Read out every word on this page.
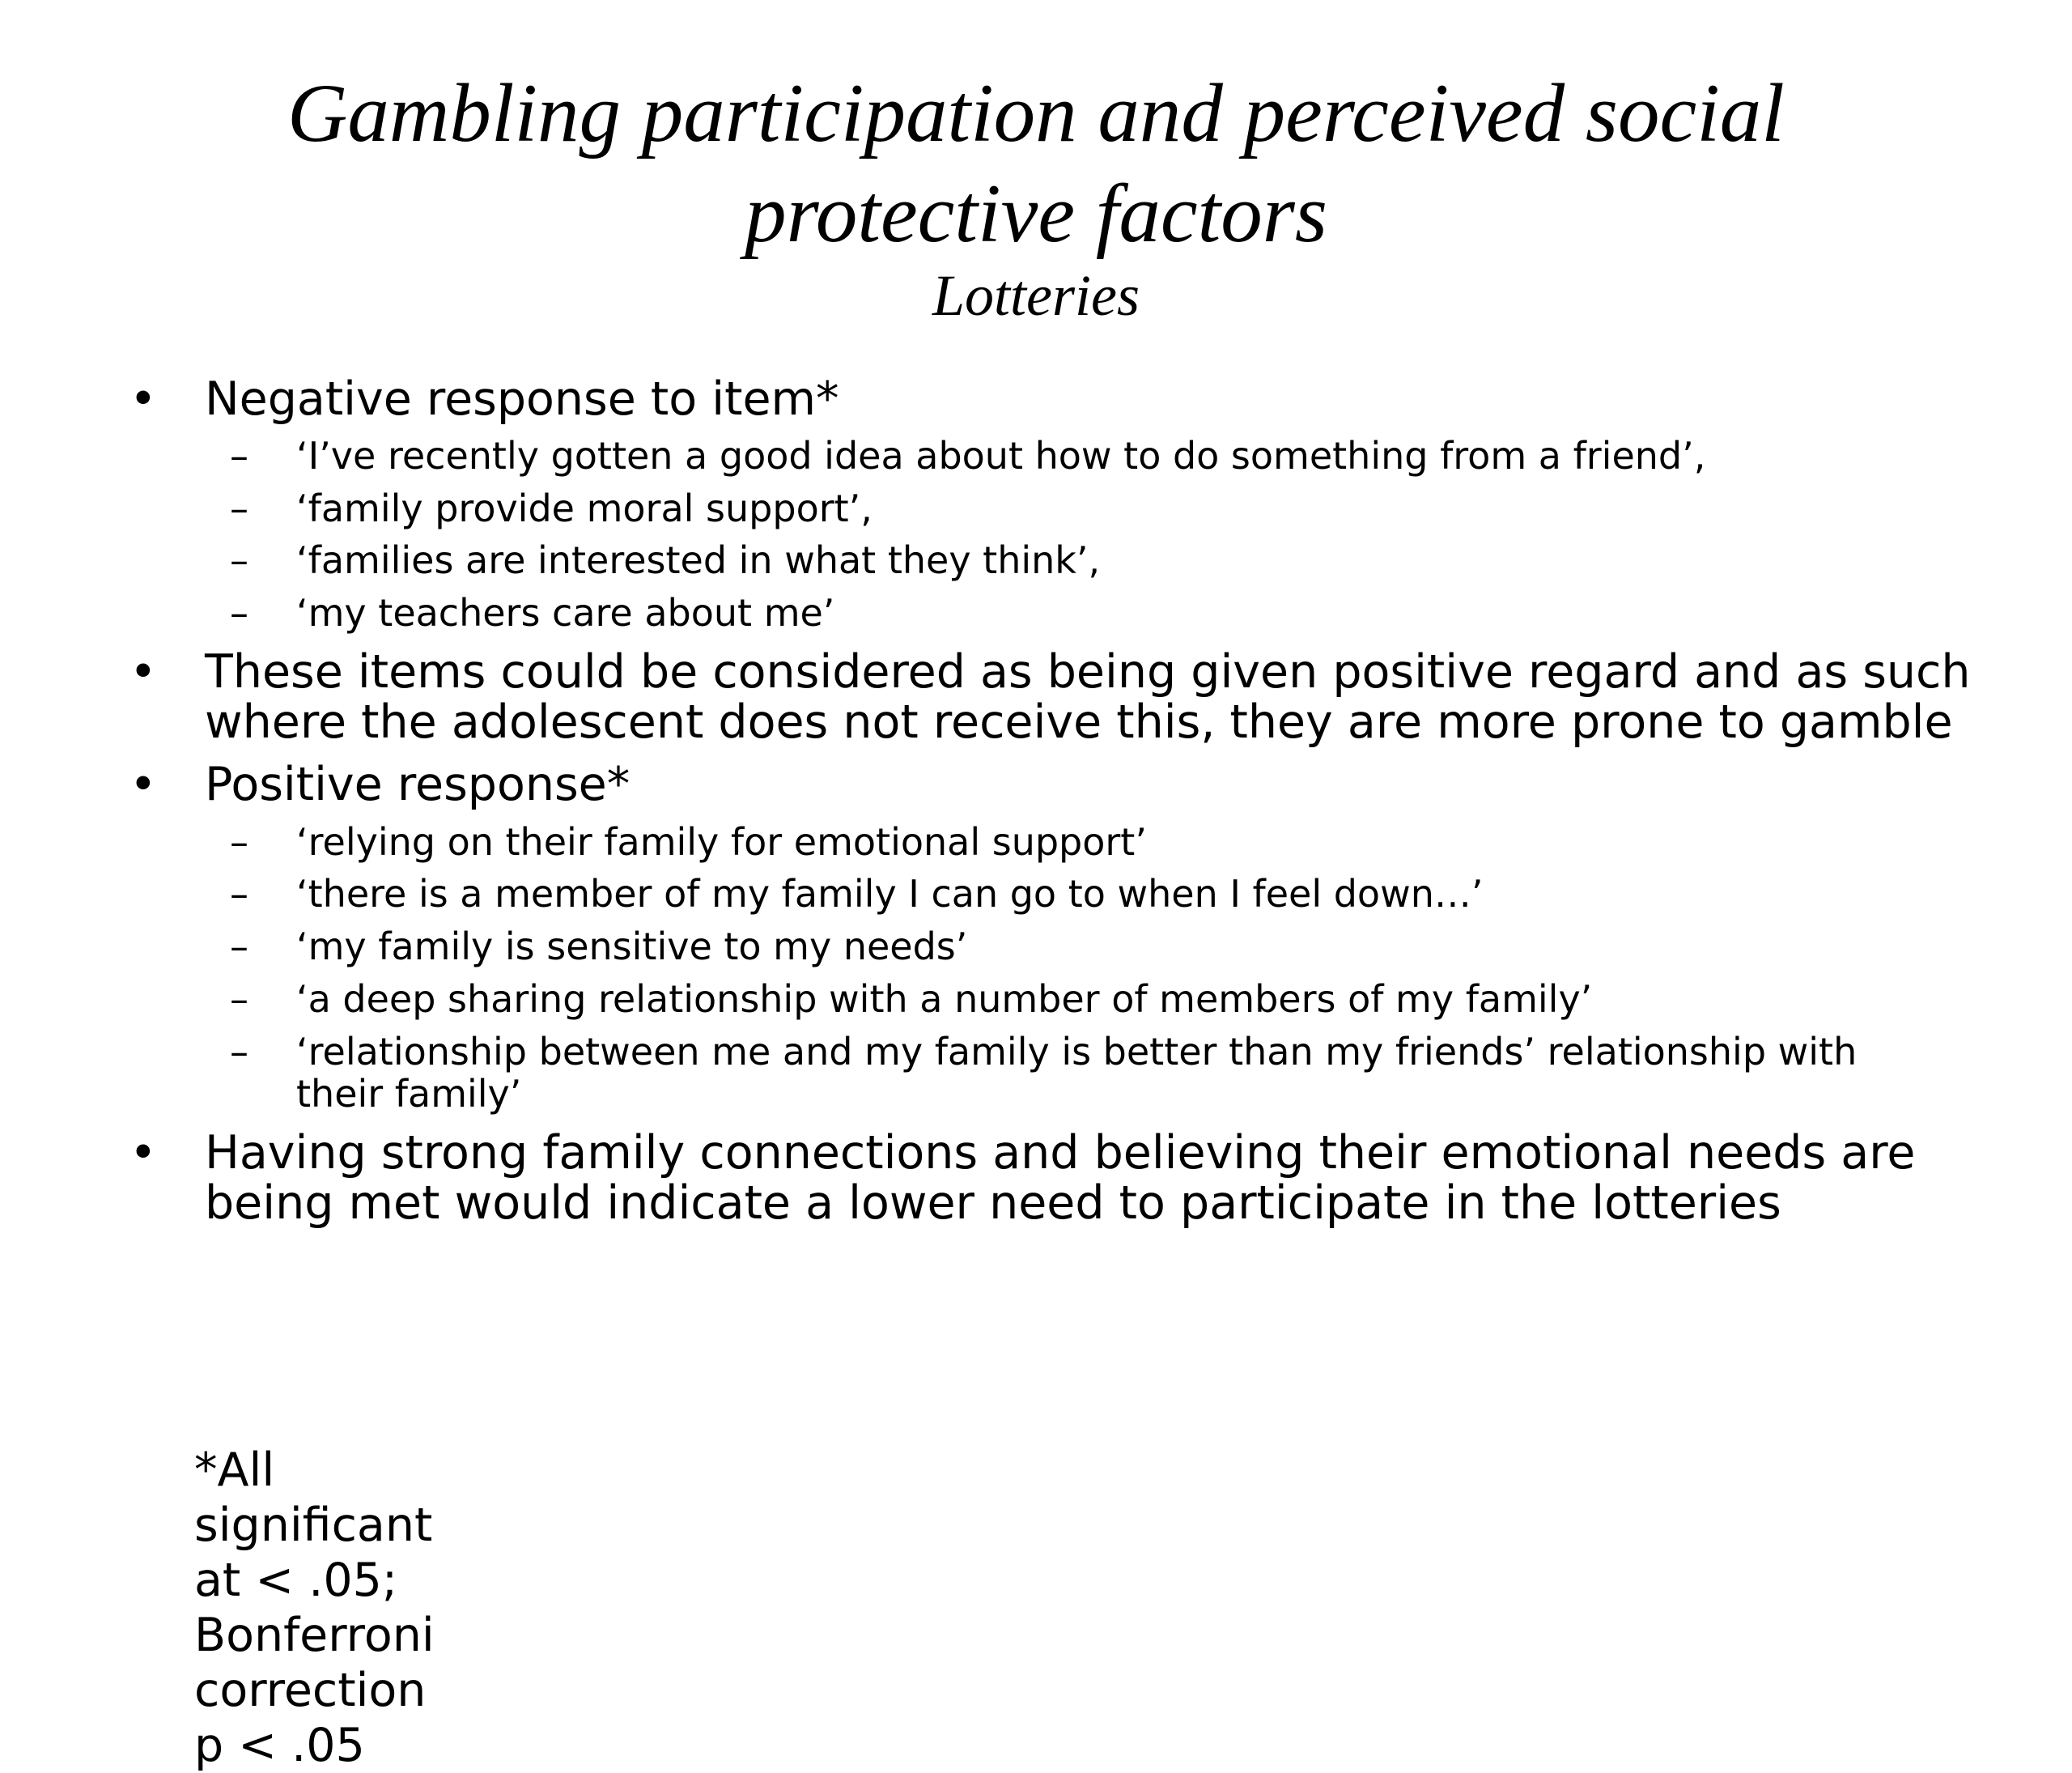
Gambling participation and perceived social
protective factors
Lotteries
• Negative response to item*
– ‘I’ve recently gotten a good idea about how to do something from a friend’,
– ‘family provide moral support’,
– ‘families are interested in what they think’,
– ‘my teachers care about me’
• These items could be considered as being given positive regard and as such where the adolescent does not receive this, they are more prone to gamble
• Positive response*
– ‘relying on their family for emotional support’
– ‘there is a member of my family I can go to when I feel down…’
– ‘my family is sensitive to my needs’
– ‘a deep sharing relationship with a number of members of my family’
– ‘relationship between me and my family is better than my friends’ relationship with their family’
• Having strong family connections and believing their emotional needs are being met would indicate a lower need to participate in the lotteries
*All significant at < .05; Bonferroni correction p < .05
